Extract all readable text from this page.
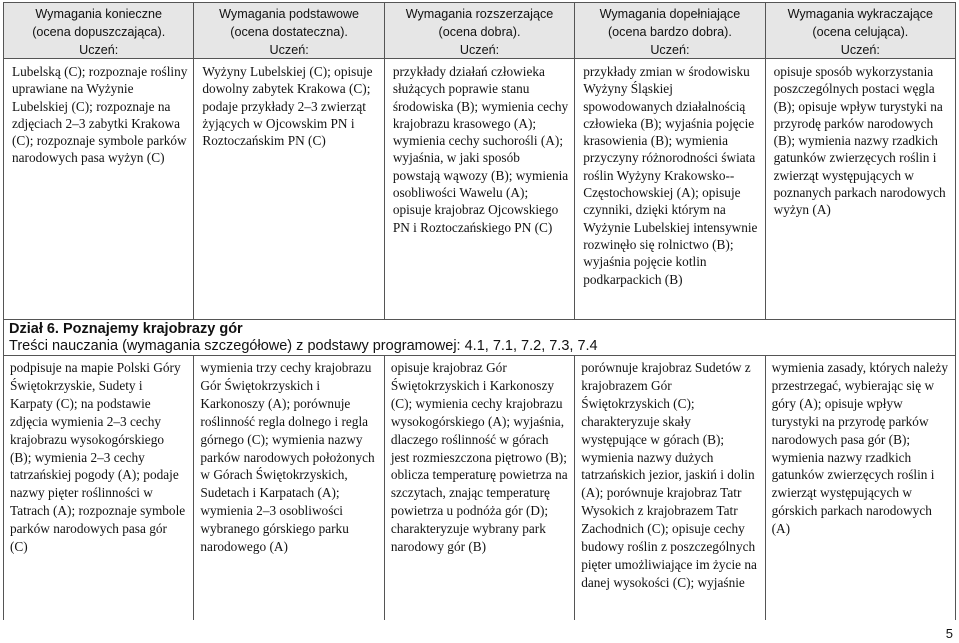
Wymagania konieczne
(ocena dopuszczająca).
Uczeń:
Wymagania podstawowe
(ocena dostateczna).
Uczeń:
Wymagania rozszerzające
(ocena dobra).
Uczeń:
Wymagania dopełniające
(ocena bardzo dobra).
Uczeń:
Wymagania wykraczające
(ocena celująca).
Uczeń:
Lubelską (C); rozpoznaje rośliny uprawiane na Wyżynie Lubelskiej (C); rozpoznaje na zdjęciach 2–3 zabytki Krakowa (C); rozpoznaje symbole parków narodowych pasa wyżyn (C)
Wyżyny Lubelskiej (C); opisuje dowolny zabytek Krakowa (C); podaje przykłady 2–3 zwierząt żyjących w Ojcowskim PN i Roztoczańskim PN (C)
przykłady działań człowieka służących poprawie stanu środowiska (B); wymienia cechy krajobrazu krasowego (A); wymienia cechy suchorośli (A); wyjaśnia, w jaki sposób powstają wąwozy (B); wymienia osobliwości Wawelu (A); opisuje krajobraz Ojcowskiego PN i Roztoczańskiego PN (C)
przykłady zmian w środowisku Wyżyny Śląskiej spowodowanych działalnością człowieka (B); wyjaśnia pojęcie krasowienia (B); wymienia przyczyny różnorodności świata roślin Wyżyny Krakowsko--Częstochowskiej (A); opisuje czynniki, dzięki którym na Wyżynie Lubelskiej intensywnie rozwinęło się rolnictwo (B); wyjaśnia pojęcie kotlin podkarpackich (B)
opisuje sposób wykorzystania poszczególnych postaci węgla (B); opisuje wpływ turystyki na przyrodę parków narodowych (B); wymienia nazwy rzadkich gatunków zwierzęcych roślin i zwierząt występujących w poznanych parkach narodowych wyżyn (A)
Dział 6. Poznajemy krajobrazy gór
Treści nauczania (wymagania szczegółowe) z podstawy programowej: 4.1, 7.1, 7.2, 7.3, 7.4
podpisuje na mapie Polski Góry Świętokrzyskie, Sudety i Karpaty (C); na podstawie zdjęcia wymienia 2–3 cechy krajobrazu wysokogórskiego (B); wymienia 2–3 cechy tatrzańskiej pogody (A); podaje nazwy pięter roślinności w Tatrach (A); rozpoznaje symbole parków narodowych pasa gór (C)
wymienia trzy cechy krajobrazu Gór Świętokrzyskich i Karkonoszy (A); porównuje roślinność regla dolnego i regla górnego (C); wymienia nazwy parków narodowych położonych w Górach Świętokrzyskich, Sudetach i Karpatach (A); wymienia 2–3 osobliwości wybranego górskiego parku narodowego (A)
opisuje krajobraz Gór Świętokrzyskich i Karkonoszy (C); wymienia cechy krajobrazu wysokogórskiego (A); wyjaśnia, dlaczego roślinność w górach jest rozmieszczona piętrowo (B); oblicza temperaturę powietrza na szczytach, znając temperaturę powietrza u podnóża gór (D); charakteryzuje wybrany park narodowy gór (B)
porównuje krajobraz Sudetów z krajobrazem Gór Świętokrzyskich (C); charakteryzuje skały występujące w górach (B); wymienia nazwy dużych tatrzańskich jezior, jaskiń i dolin (A); porównuje krajobraz Tatr Wysokich z krajobrazem Tatr Zachodnich (C); opisuje cechy budowy roślin z poszczególnych pięter umożliwiające im życie na danej wysokości (C); wyjaśnie
wymienia zasady, których należy przestrzegać, wybierając się w góry (A); opisuje wpływ turystyki na przyrodę parków narodowych pasa gór (B); wymienia nazwy rzadkich gatunków zwierzęcych roślin i zwierząt występujących w górskich parkach narodowych (A)
5
